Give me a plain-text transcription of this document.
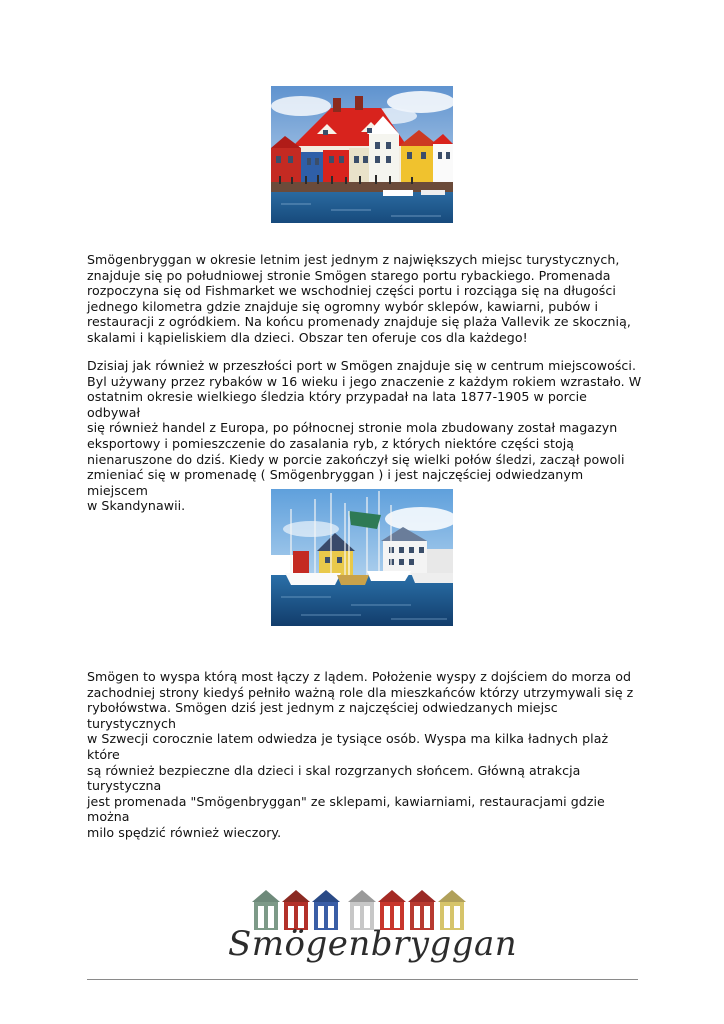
Smögenbryggan w okresie letnim jest jednym z największych miejsc turystycznych,
znajduje się po południowej stronie Smögen starego portu rybackiego. Promenada
rozpoczyna się od Fishmarket we wschodniej części portu i rozciąga się na długości
jednego kilometra gdzie znajduje się ogromny wybór sklepów, kawiarni, pubów i
restauracji z ogródkiem. Na końcu promenady znajduje się plaża Vallevik ze skocznią,
skalami i kąpieliskiem dla dzieci. Obszar ten oferuje cos dla każdego!

Dzisiaj jak również w przeszłości port w Smögen znajduje się w centrum miejscowości.
Byl używany przez rybaków w 16 wieku i jego znaczenie z każdym rokiem wzrastało. W
ostatnim okresie wielkiego śledzia który przypadał na lata 1877-1905 w porcie odbywał
się również handel z Europa, po północnej stronie mola zbudowany został magazyn
eksportowy i pomieszczenie do zasalania ryb, z których niektóre części stoją
nienaruszone do dziś. Kiedy w porcie zakończył się wielki połów śledzi, zaczął powoli
zmieniać się w promenadę ( Smögenbryggan ) i jest najczęściej odwiedzanym miejscem
w Skandynawii.

Smögen to wyspa którą most łączy z lądem. Położenie wyspy z dojściem do morza od
zachodniej strony kiedyś pełniło ważną role dla mieszkańców którzy utrzymywali się z
rybołówstwa. Smögen dziś jest jednym z najczęściej odwiedzanych miejsc turystycznych
w Szwecji corocznie latem odwiedza je tysiące osób. Wyspa ma kilka ładnych plaż które
są również bezpieczne dla dzieci i skal rozgrzanych słońcem. Główną atrakcja turystyczna
jest promenada "Smögenbryggan" ze sklepami, kawiarniami, restauracjami gdzie można
milo spędzić również wieczory.

Smögenbryggan
